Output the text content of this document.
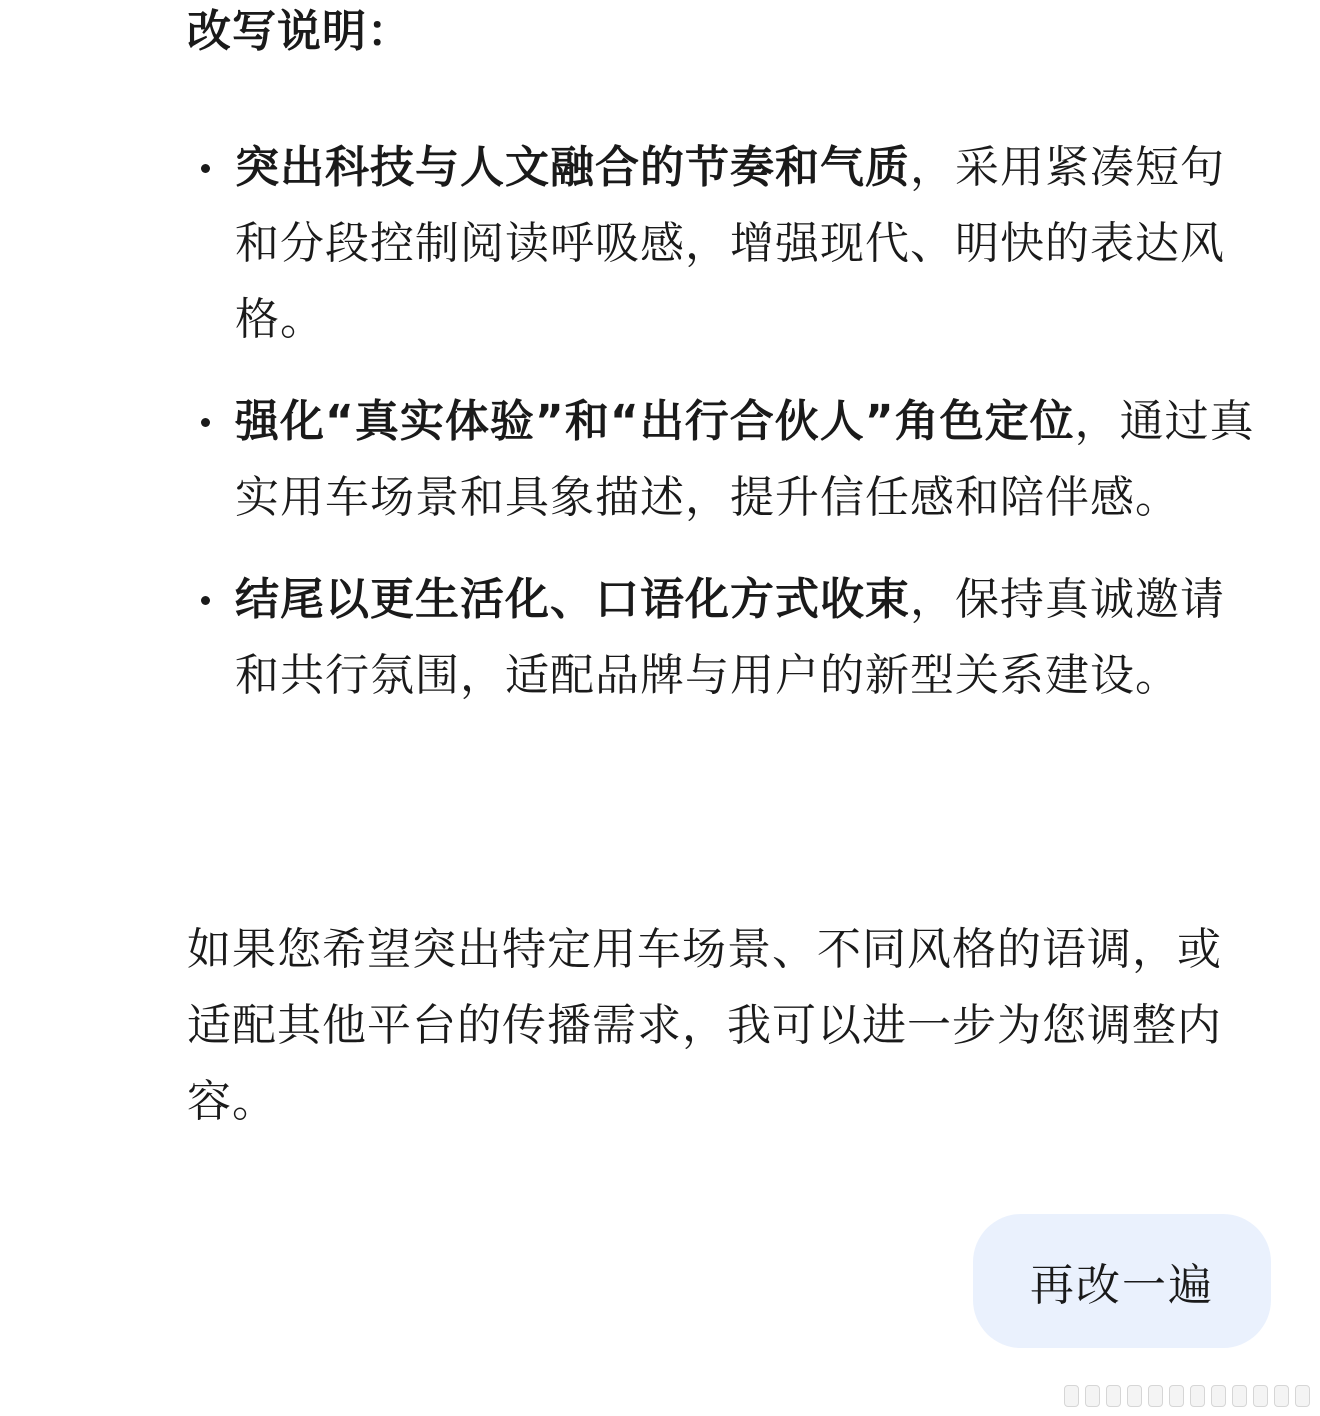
改写说明：
突出科技与人文融合的节奏和气质，采用紧凑短句和分段控制阅读呼吸感，增强现代、明快的表达风格。
强化“真实体验”和“出行合伙人”角色定位，通过真实用车场景和具象描述，提升信任感和陪伴感。
结尾以更生活化、口语化方式收束，保持真诚邀请和共行氛围，适配品牌与用户的新型关系建设。
如果您希望突出特定用车场景、不同风格的语调，或适配其他平台的传播需求，我可以进一步为您调整内容。
再改一遍
